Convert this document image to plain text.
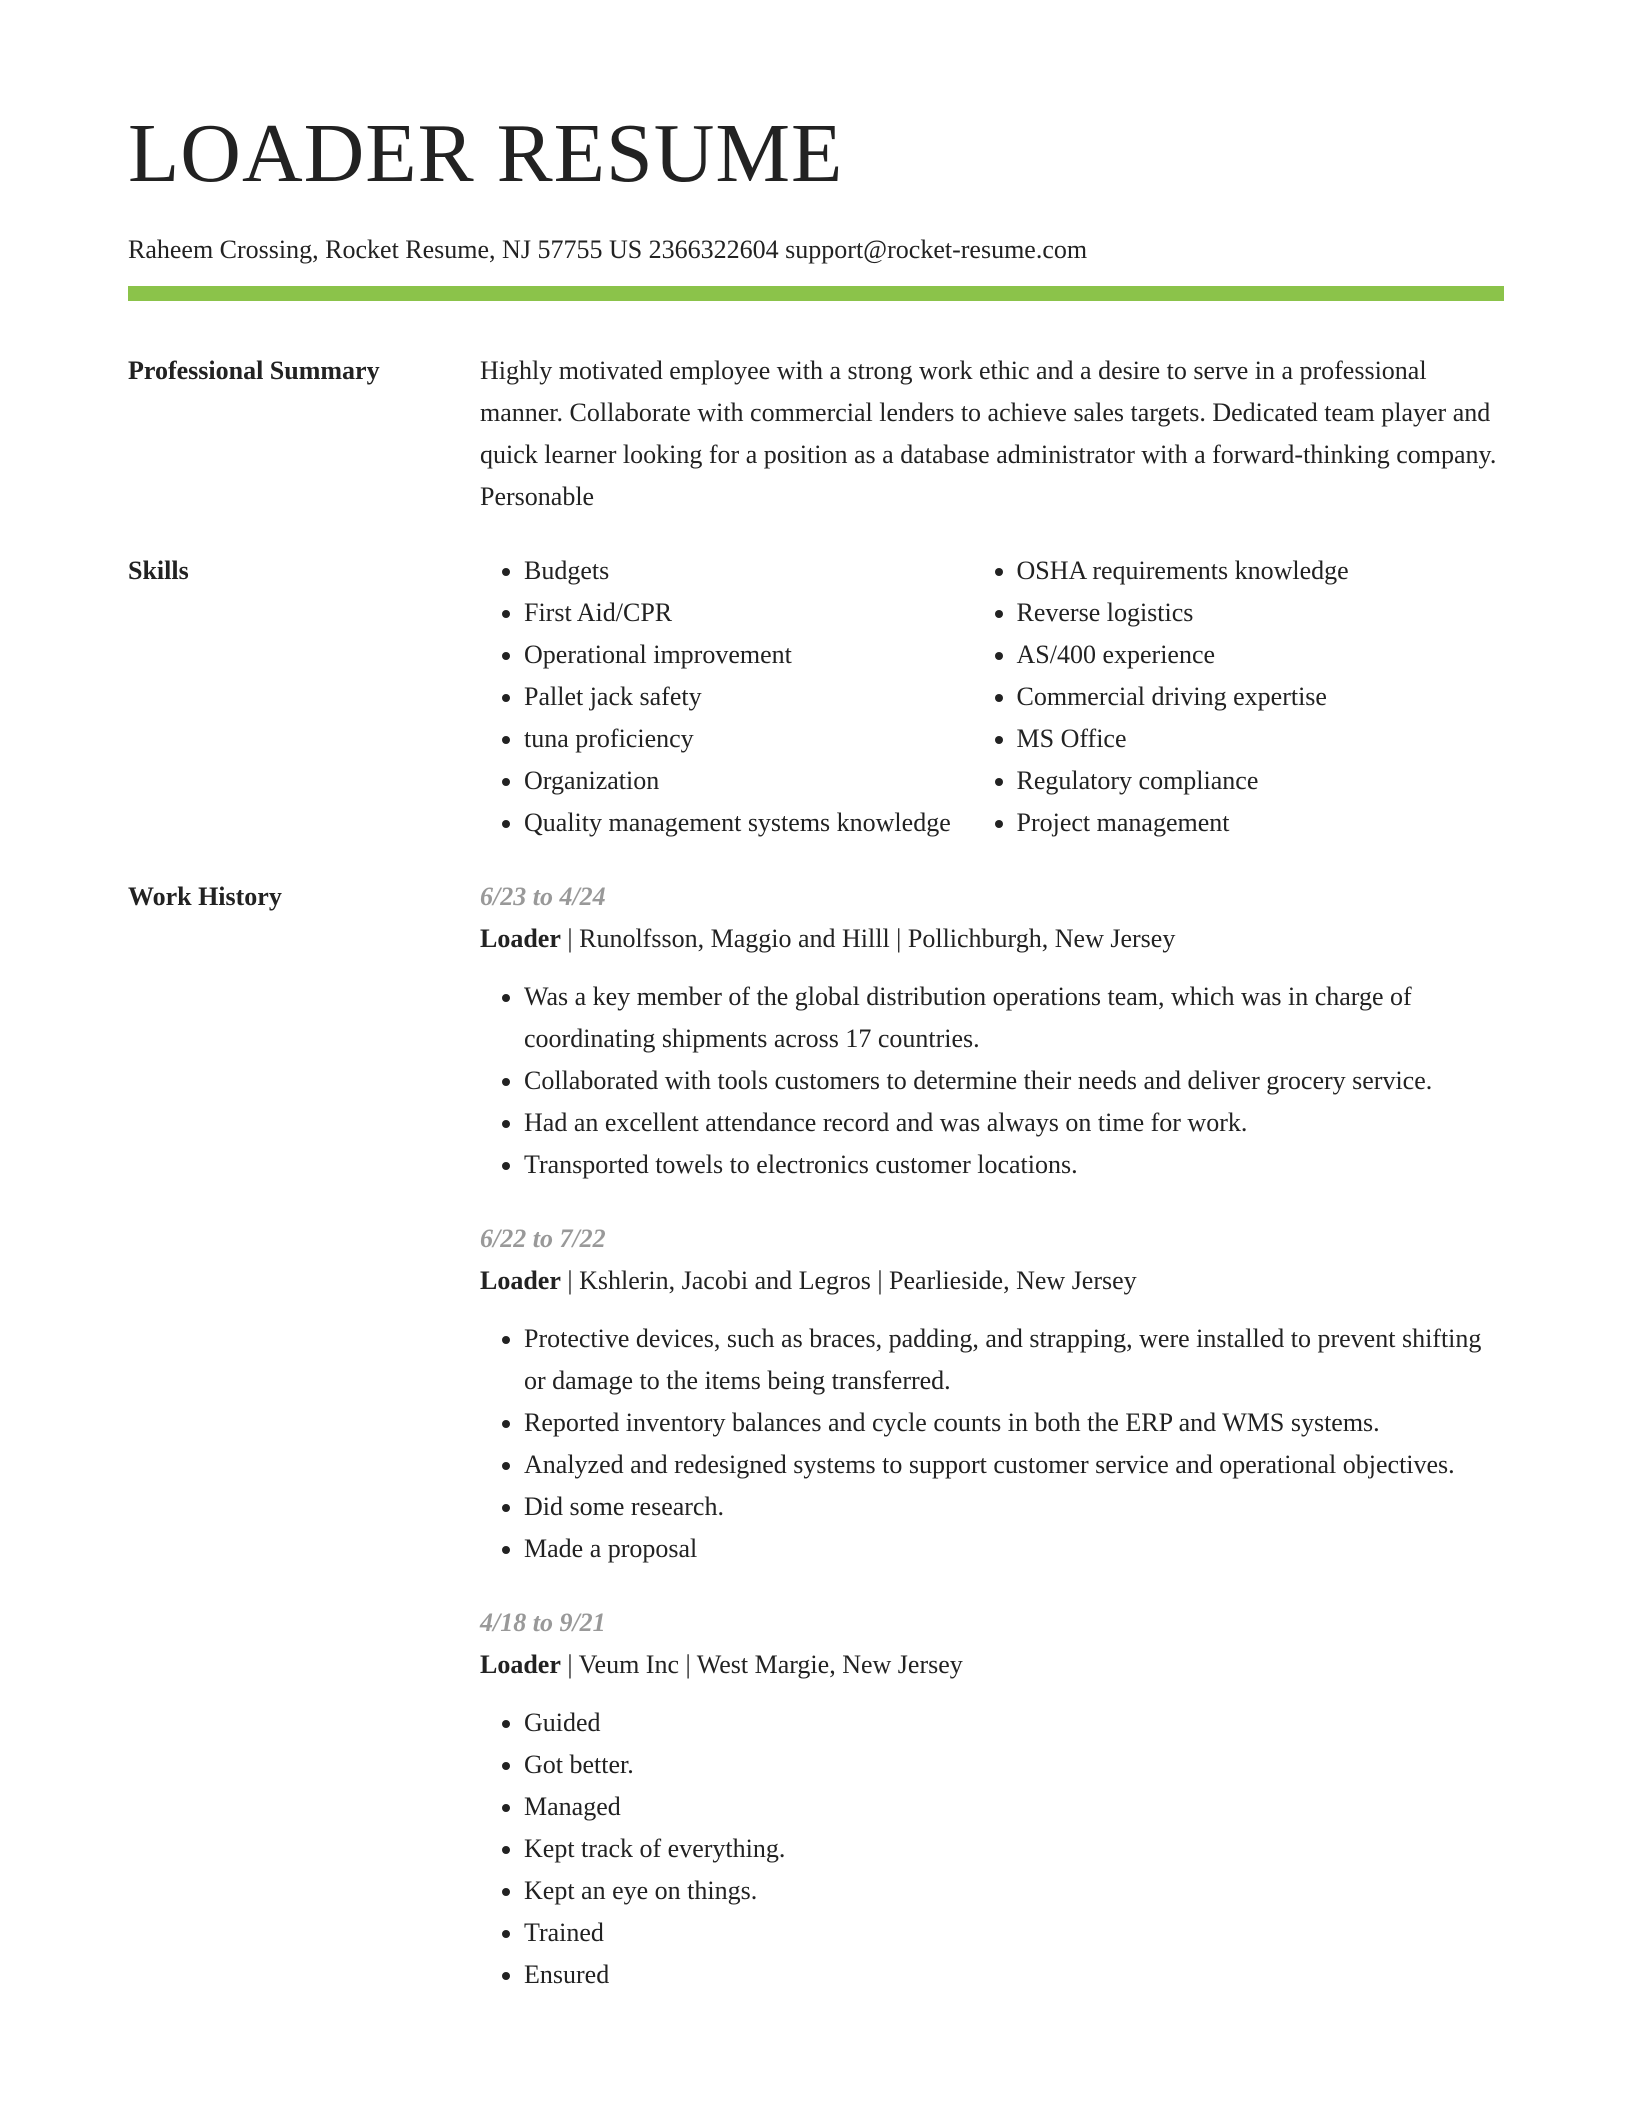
LOADER RESUME
Raheem Crossing, Rocket Resume, NJ 57755 US 2366322604 support@rocket-resume.com
Professional Summary	Highly motivated employee with a strong work ethic and a desire to serve in a professional manner. Collaborate with commercial lenders to achieve sales targets. Dedicated team player and quick learner looking for a position as a database administrator with a forward-thinking company. Personable

Skills
•	Budgets
• First Aid/CPR
• Operational improvement
• Pallet jack safety
• tuna proficiency
• Organization
• Quality management systems knowledge
• OSHA requirements knowledge
• Reverse logistics
• AS/400 experience
• Commercial driving expertise
• MS Office
• Regulatory compliance
• Project management
Work History	6/23 to 4/24
Loader | Runolfsson, Maggio and Hilll | Pollichburgh, New Jersey
• Was a key member of the global distribution operations team, which was in charge of coordinating shipments across 17 countries.
• Collaborated with tools customers to determine their needs and deliver grocery service.
• Had an excellent attendance record and was always on time for work.
• Transported towels to electronics customer locations.
6/22 to 7/22
Loader | Kshlerin, Jacobi and Legros | Pearlieside, New Jersey
• Protective devices, such as braces, padding, and strapping, were installed to prevent shifting or damage to the items being transferred.
• Reported inventory balances and cycle counts in both the ERP and WMS systems.
• Analyzed and redesigned systems to support customer service and operational objectives.
• Did some research.
• Made a proposal
4/18 to 9/21
Loader | Veum Inc | West Margie, New Jersey
• Guided
• Got better.
• Managed
• Kept track of everything.
• Kept an eye on things.
• Trained
• Ensured
